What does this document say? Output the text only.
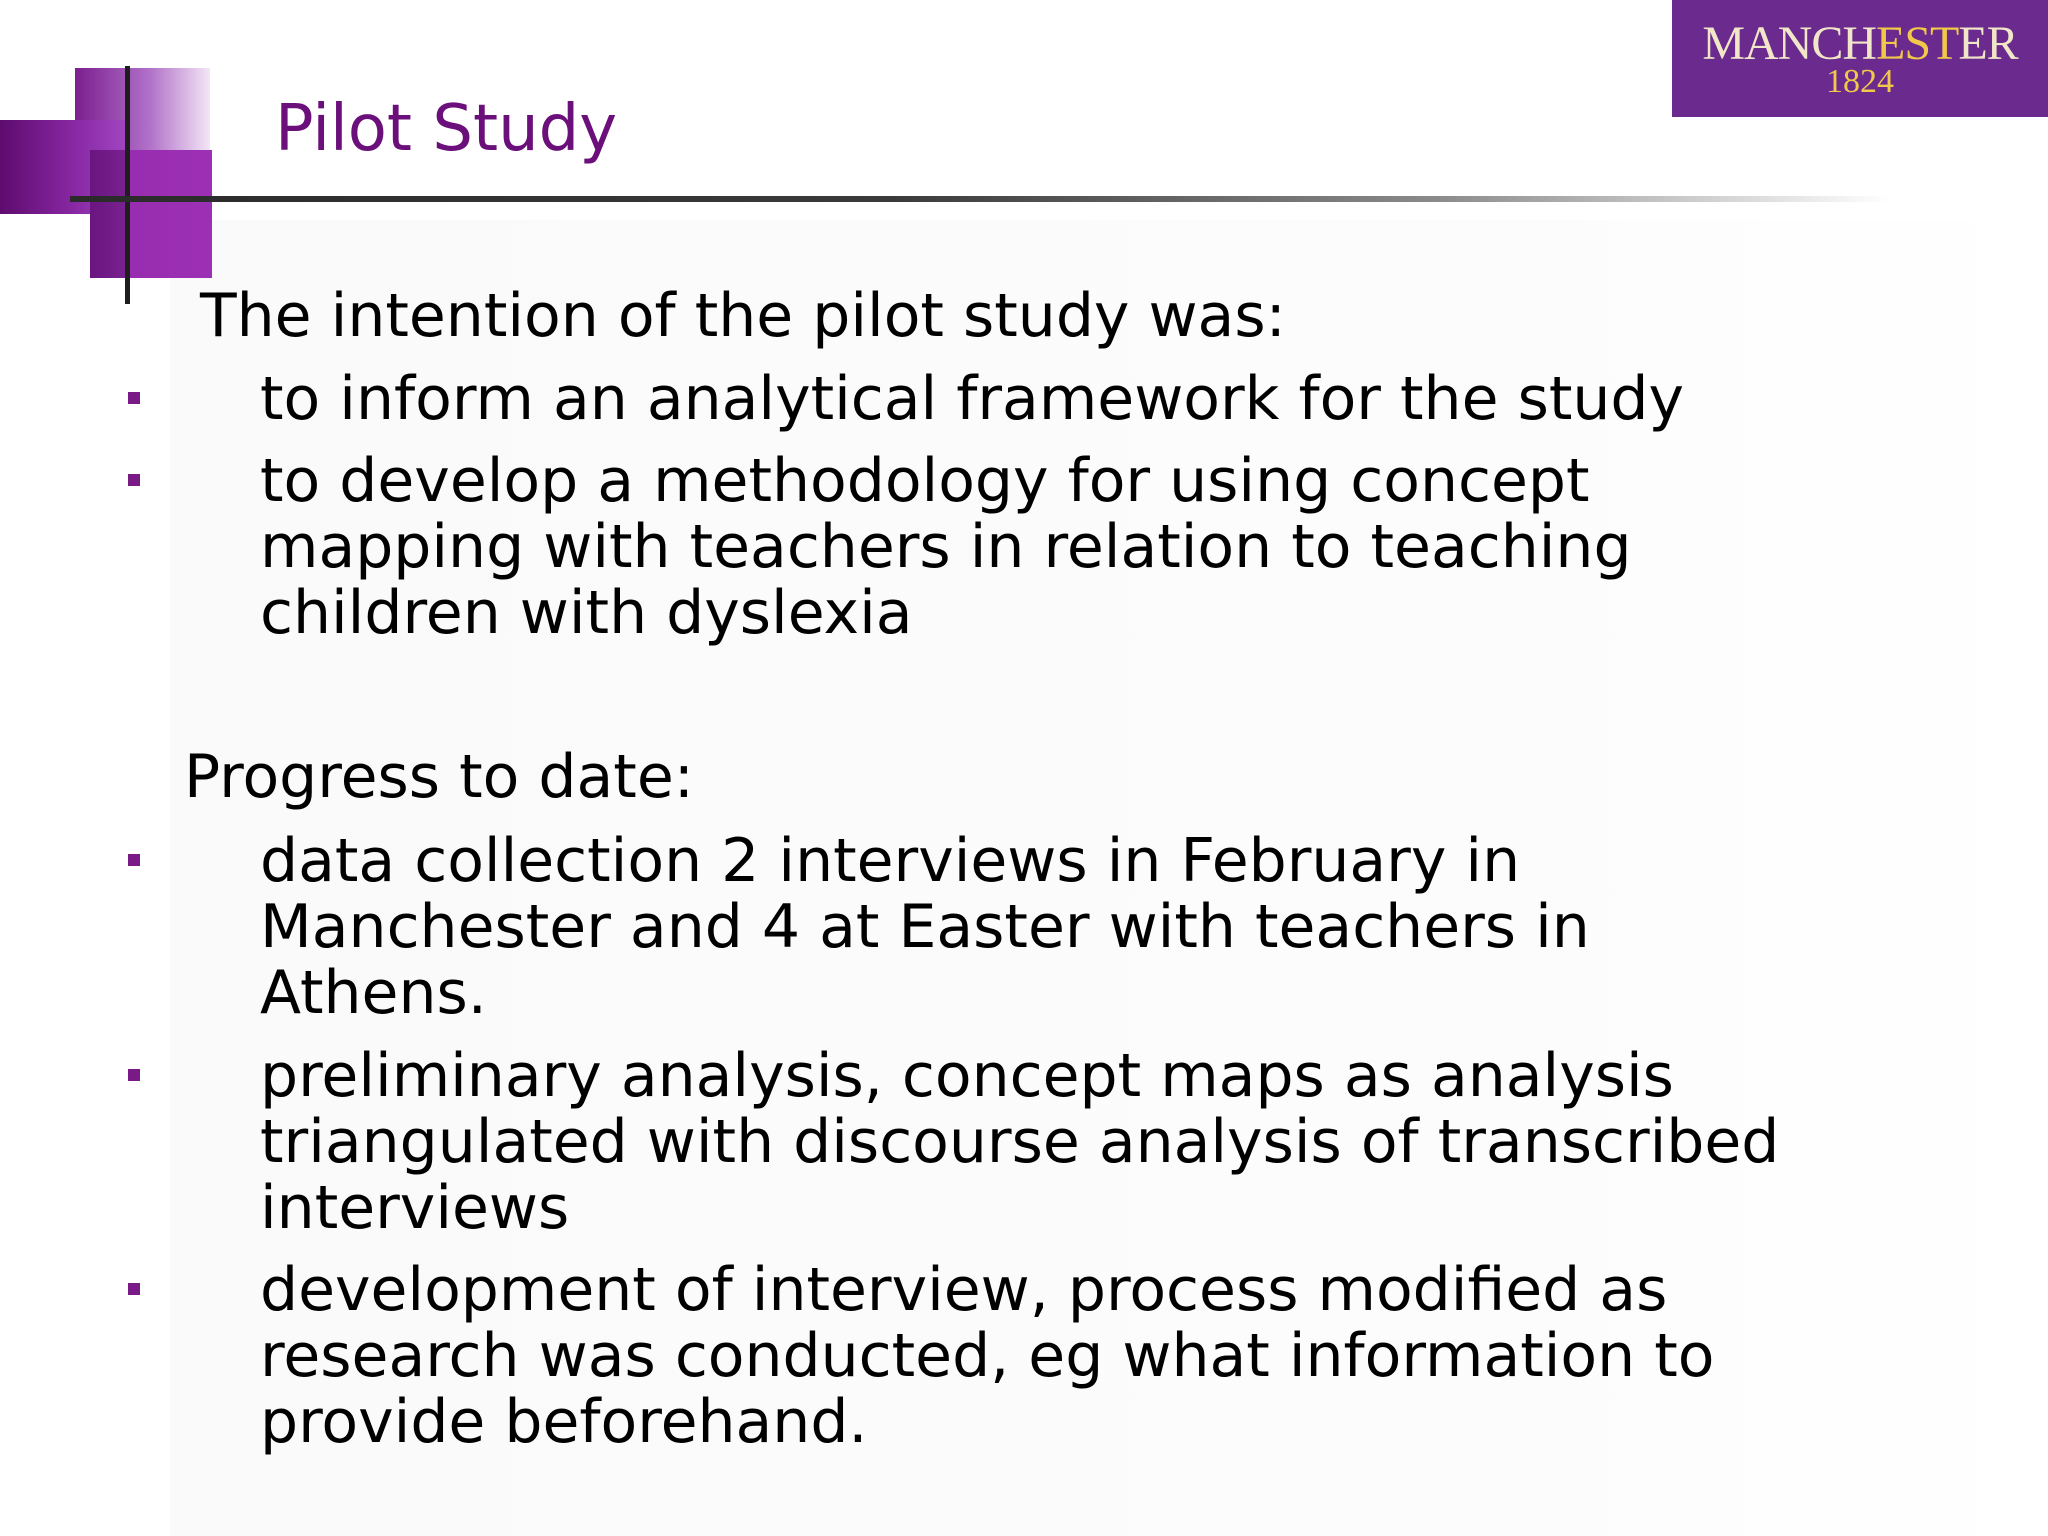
MANCHESTER
1824
Pilot Study
The intention of the pilot study was:
to inform an analytical framework for the study
to develop a methodology for using concept mapping with teachers in relation to teaching children with dyslexia
Progress to date:
data collection 2 interviews in February in Manchester and 4 at Easter with teachers in Athens.
preliminary analysis, concept maps as analysis triangulated with discourse analysis of transcribed interviews
development of interview, process modified as research was conducted, eg what information to provide beforehand.
